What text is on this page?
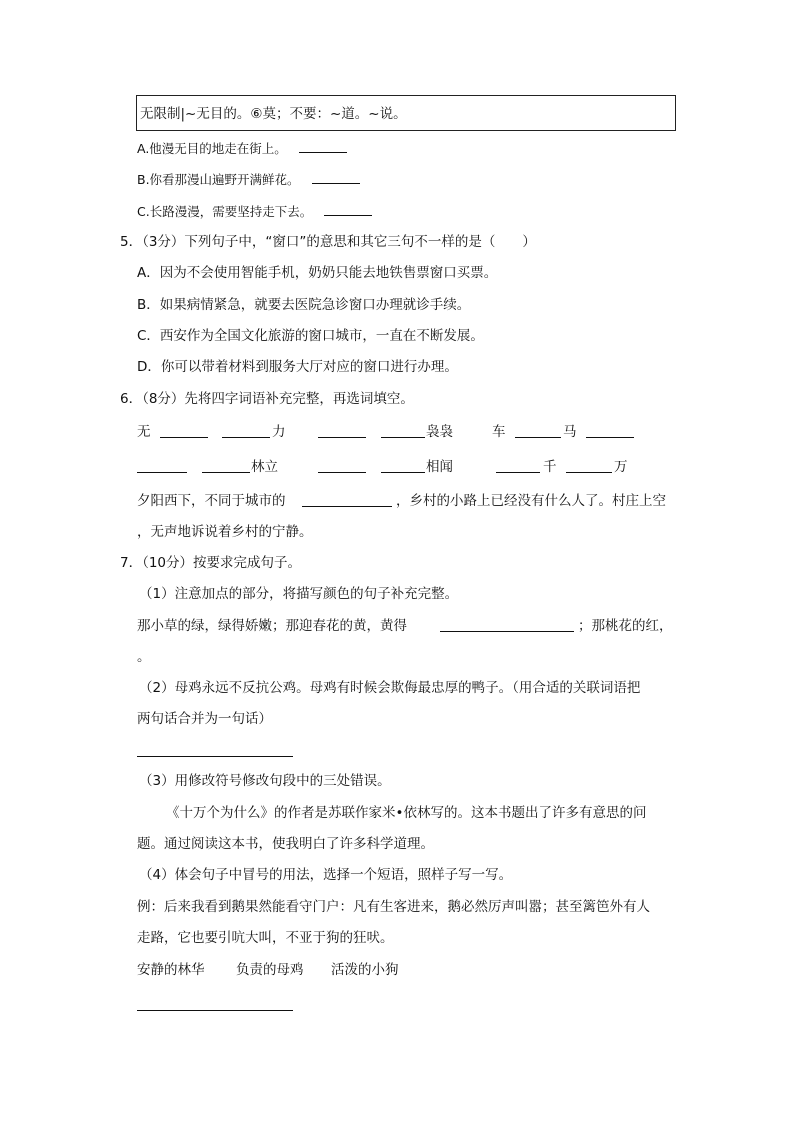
无限制|~无目的。⑥莫；不要：~道。~说。
A.他漫无目的地走在街上。
B.你看那漫山遍野开满鲜花。
C.长路漫漫，需要坚持走下去。
5．（3分）下列句子中，“窗口”的意思和其它三句不一样的是（　　）
A．因为不会使用智能手机，奶奶只能去地铁售票窗口买票。
B．如果病情紧急，就要去医院急诊窗口办理就诊手续。
C．西安作为全国文化旅游的窗口城市，一直在不断发展。
D．你可以带着材料到服务大厅对应的窗口进行办理。
6．（8分）先将四字词语补充完整，再选词填空。
无	力	袅袅	车	马
林立	相闻	千	万
夕阳西下，不同于城市的	，乡村的小路上已经没有什么人了。村庄上空
，无声地诉说着乡村的宁静。
7．（10分）按要求完成句子。
（1）注意加点的部分，将描写颜色的句子补充完整。
那小草的绿，绿得娇嫩；那迎春花的黄，黄得	；那桃花的红，
。
（2）母鸡永远不反抗公鸡。母鸡有时候会欺侮最忠厚的鸭子。（用合适的关联词语把
两句话合并为一句话）
（3）用修改符号修改句段中的三处错误。
《十万个为什么》的作者是苏联作家米•依林写的。这本书题出了许多有意思的问
题。通过阅读这本书，使我明白了许多科学道理。
（4）体会句子中冒号的用法，选择一个短语，照样子写一写。
例：后来我看到鹅果然能看守门户：凡有生客进来，鹅必然厉声叫嚣；甚至篱笆外有人
走路，它也要引吭大叫，不亚于狗的狂吠。
安静的林华 负责的母鸡 活泼的小狗
